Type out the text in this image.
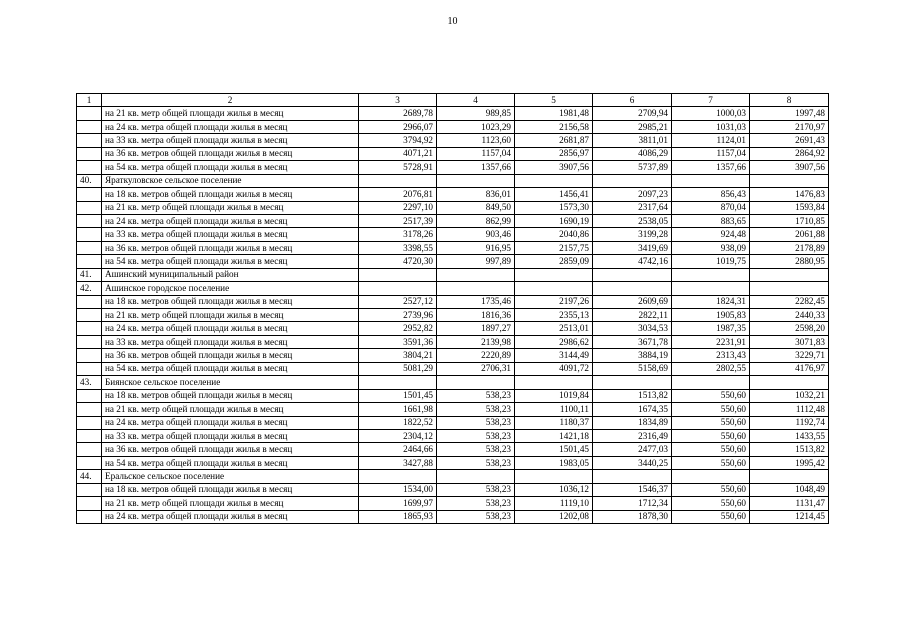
10
1	2	3	4	5	6	7	8
	на 21 кв. метр общей площади жилья в месяц	2689,78	989,85	1981,48	2709,94	1000,03	1997,48
	на 24 кв. метра общей площади жилья в месяц	2966,07	1023,29	2156,58	2985,21	1031,03	2170,97
	на 33 кв. метра общей площади жилья в месяц	3794,92	1123,60	2681,87	3811,01	1124,01	2691,43
	на 36 кв. метров общей площади жилья в месяц	4071,21	1157,04	2856,97	4086,29	1157,04	2864,92
	на 54 кв. метра общей площади жилья в месяц	5728,91	1357,66	3907,56	5737,89	1357,66	3907,56
40.	Яраткуловское сельское поселение						
	на 18 кв. метров общей площади жилья в месяц	2076,81	836,01	1456,41	2097,23	856,43	1476,83
	на 21 кв. метр общей площади жилья в месяц	2297,10	849,50	1573,30	2317,64	870,04	1593,84
	на 24 кв. метра общей площади жилья в месяц	2517,39	862,99	1690,19	2538,05	883,65	1710,85
	на 33 кв. метра общей площади жилья в месяц	3178,26	903,46	2040,86	3199,28	924,48	2061,88
	на 36 кв. метров общей площади жилья в месяц	3398,55	916,95	2157,75	3419,69	938,09	2178,89
	на 54 кв. метра общей площади жилья в месяц	4720,30	997,89	2859,09	4742,16	1019,75	2880,95
41.	Ашинский муниципальный район						
42.	Ашинское городское поселение						
	на 18 кв. метров общей площади жилья в месяц	2527,12	1735,46	2197,26	2609,69	1824,31	2282,45
	на 21 кв. метр общей площади жилья в месяц	2739,96	1816,36	2355,13	2822,11	1905,83	2440,33
	на 24 кв. метра общей площади жилья в месяц	2952,82	1897,27	2513,01	3034,53	1987,35	2598,20
	на 33 кв. метра общей площади жилья в месяц	3591,36	2139,98	2986,62	3671,78	2231,91	3071,83
	на 36 кв. метров общей площади жилья в месяц	3804,21	2220,89	3144,49	3884,19	2313,43	3229,71
	на 54 кв. метра общей площади жилья в месяц	5081,29	2706,31	4091,72	5158,69	2802,55	4176,97
43.	Биянское сельское поселение						
	на 18 кв. метров общей площади жилья в месяц	1501,45	538,23	1019,84	1513,82	550,60	1032,21
	на 21 кв. метр общей площади жилья в месяц	1661,98	538,23	1100,11	1674,35	550,60	1112,48
	на 24 кв. метра общей площади жилья в месяц	1822,52	538,23	1180,37	1834,89	550,60	1192,74
	на 33 кв. метра общей площади жилья в месяц	2304,12	538,23	1421,18	2316,49	550,60	1433,55
	на 36 кв. метров общей площади жилья в месяц	2464,66	538,23	1501,45	2477,03	550,60	1513,82
	на 54 кв. метра общей площади жилья в месяц	3427,88	538,23	1983,05	3440,25	550,60	1995,42
44.	Еральское сельское поселение						
	на 18 кв. метров общей площади жилья в месяц	1534,00	538,23	1036,12	1546,37	550,60	1048,49
	на 21 кв. метр общей площади жилья в месяц	1699,97	538,23	1119,10	1712,34	550,60	1131,47
	на 24 кв. метра общей площади жилья в месяц	1865,93	538,23	1202,08	1878,30	550,60	1214,45
